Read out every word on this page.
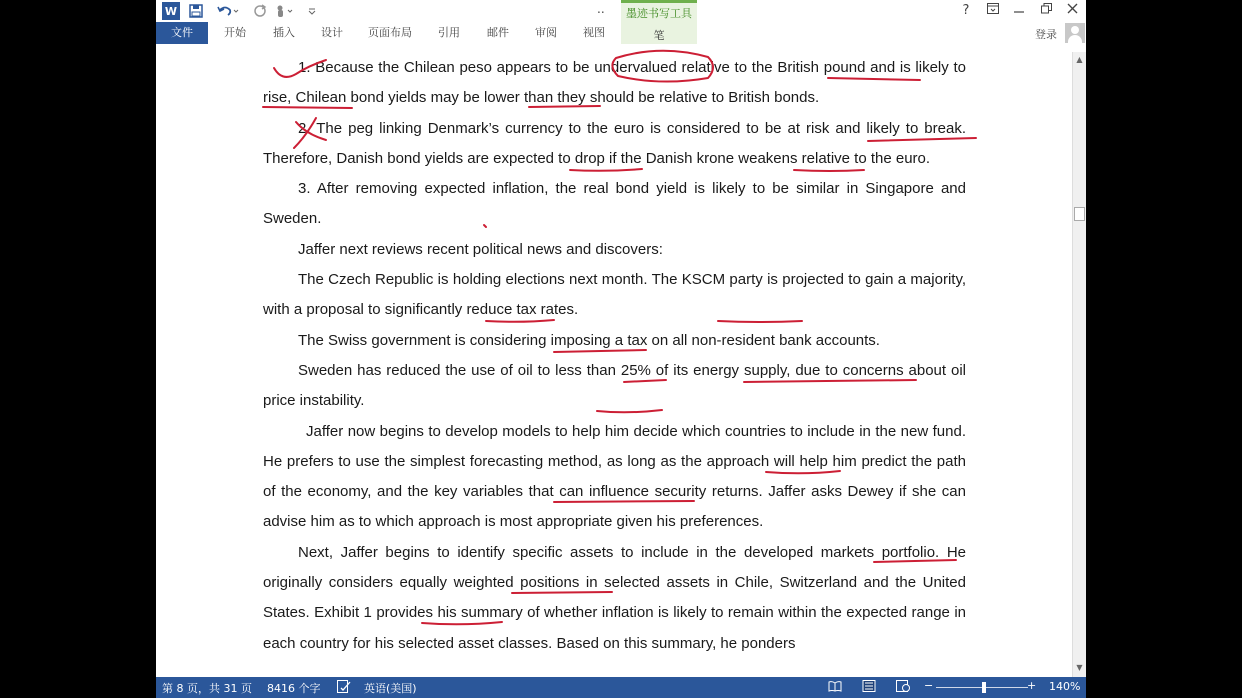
W	..	墨迹书写工具
笔
?
文件	开始 插入 设计 页面布局 引用 邮件 审阅 视图	登录

1. Because the Chilean peso appears to be undervalued relative to the British pound and is likely to rise, Chilean bond yields may be lower than they should be relative to British bonds.

2. The peg linking Denmark’s currency to the euro is considered to be at risk and likely to break. Therefore, Danish bond yields are expected to drop if the Danish krone weakens relative to the euro.

3. After removing expected inflation, the real bond yield is likely to be similar in Singapore and Sweden.

Jaffer next reviews recent political news and discovers:

The Czech Republic is holding elections next month. The KSCM party is projected to gain a majority, with a proposal to significantly reduce tax rates.

The Swiss government is considering imposing a tax on all non-resident bank accounts.

Sweden has reduced the use of oil to less than 25% of its energy supply, due to concerns about oil price instability.

Jaffer now begins to develop models to help him decide which countries to include in the new fund. He prefers to use the simplest forecasting method, as long as the approach will help him predict the path of the economy, and the key variables that can influence security returns. Jaffer asks Dewey if she can advise him as to which approach is most appropriate given his preferences.

Next, Jaffer begins to identify specific assets to include in the developed markets portfolio. He originally considers equally weighted positions in selected assets in Chile, Switzerland and the United States. Exhibit 1 provides his summary of whether inflation is likely to remain within the expected range in each country for his selected asset classes. Based on this summary, he ponders

▲
▼
第 8 页，共 31 页 8416 个字	英语(美国)	−	+ 140%
